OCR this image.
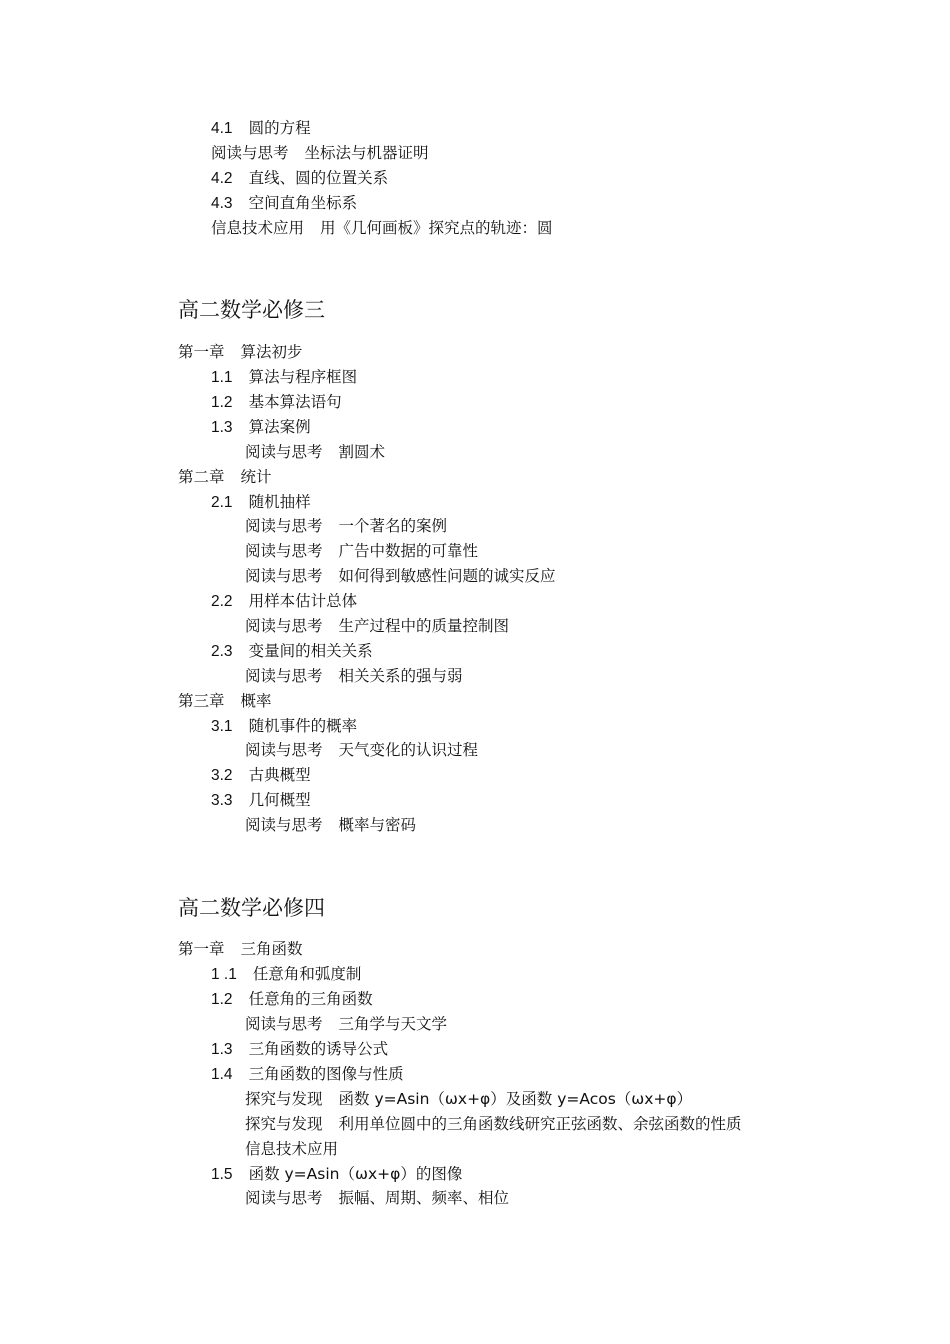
4.1 圆的方程
阅读与思考 坐标法与机器证明
4.2 直线、圆的位置关系
4.3 空间直角坐标系
信息技术应用 用《几何画板》探究点的轨迹：圆
高二数学必修三
第一章 算法初步
1.1 算法与程序框图
1.2 基本算法语句
1.3 算法案例
阅读与思考 割圆术
第二章 统计
2.1 随机抽样
阅读与思考 一个著名的案例
阅读与思考 广告中数据的可靠性
阅读与思考 如何得到敏感性问题的诚实反应
2.2 用样本估计总体
阅读与思考 生产过程中的质量控制图
2.3 变量间的相关关系
阅读与思考 相关关系的强与弱
第三章 概率
3.1 随机事件的概率
阅读与思考 天气变化的认识过程
3.2 古典概型
3.3 几何概型
阅读与思考 概率与密码
高二数学必修四
第一章 三角函数
1 .1 任意角和弧度制
1.2 任意角的三角函数
阅读与思考 三角学与天文学
1.3 三角函数的诱导公式
1.4 三角函数的图像与性质
探究与发现 函数 y=Asin（ωx+φ）及函数 y=Acos（ωx+φ）
探究与发现 利用单位圆中的三角函数线研究正弦函数、余弦函数的性质
信息技术应用
1.5 函数 y=Asin（ωx+φ）的图像
阅读与思考 振幅、周期、频率、相位
